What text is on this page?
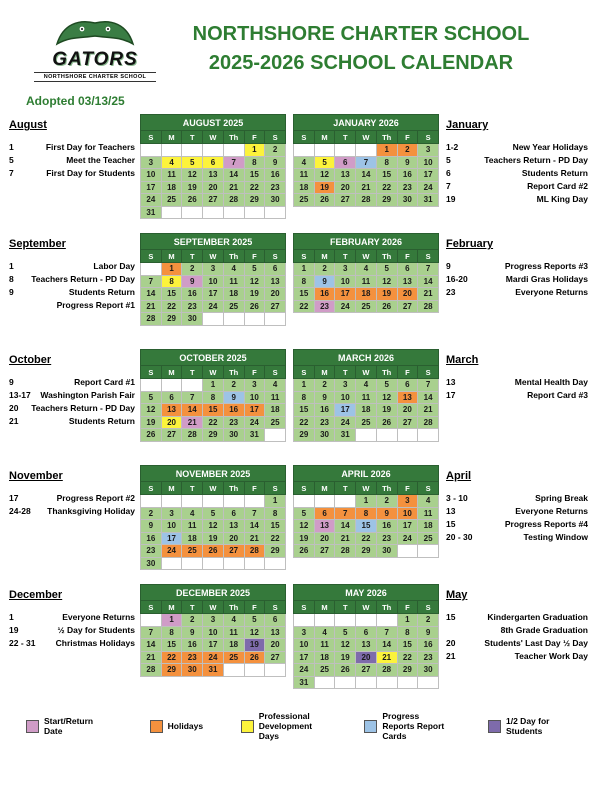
GATORS
NORTHSHORE CHARTER SCHOOL
NORTHSHORE CHARTER SCHOOL
2025-2026 SCHOOL CALENDAR
Adopted 03/13/25
August
1	First Day for Teachers
5	Meet the Teacher
7	First Day for Students
AUGUST 2025						
S	M	T	W	Th	F	S
					1	2
3	4	5	6	7	8	9
10	11	12	13	14	15	16
17	18	19	20	21	22	23
24	25	26	27	28	29	30
31						
JANUARY 2026						
S	M	T	W	Th	F	S
				1	2	3
4	5	6	7	8	9	10
11	12	13	14	15	16	17
18	19	20	21	22	23	24
25	26	27	28	29	30	31
January
1-2	New Year Holidays
5	Teachers Return - PD Day
6	Students Return
7	Report Card #2
19	ML King Day
September
1	Labor Day
8	Teachers Return - PD Day
9	Students Return
Progress Report #1
SEPTEMBER 2025						
S	M	T	W	Th	F	S
	1	2	3	4	5	6
7	8	9	10	11	12	13
14	15	16	17	18	19	20
21	22	23	24	25	26	27
28	29	30				
FEBRUARY 2026						
S	M	T	W	Th	F	S
1	2	3	4	5	6	7
8	9	10	11	12	13	14
15	16	17	18	19	20	21
22	23	24	25	26	27	28
February
9	Progress Reports #3
16-20	Mardi Gras Holidays
23	Everyone Returns
October
9	Report Card #1
13-17	Washington Parish Fair
20	Teachers Return - PD Day
21	Students Return
OCTOBER 2025						
S	M	T	W	Th	F	S
			1	2	3	4
5	6	7	8	9	10	11
12	13	14	15	16	17	18
19	20	21	22	23	24	25
26	27	28	29	30	31	
MARCH 2026						
S	M	T	W	Th	F	S
1	2	3	4	5	6	7
8	9	10	11	12	13	14
15	16	17	18	19	20	21
22	23	24	25	26	27	28
29	30	31				
March
13	Mental Health Day
17	Report Card #3
November
17	Progress Report #2
24-28	Thanksgiving Holiday
NOVEMBER 2025						
S	M	T	W	Th	F	S
						1
2	3	4	5	6	7	8
9	10	11	12	13	14	15
16	17	18	19	20	21	22
23	24	25	26	27	28	29
30						
APRIL 2026						
S	M	T	W	Th	F	S
			1	2	3	4
5	6	7	8	9	10	11
12	13	14	15	16	17	18
19	20	21	22	23	24	25
26	27	28	29	30		
April
3 - 10	Spring Break
13	Everyone Returns
15	Progress Reports #4
20 - 30	Testing Window
December
1	Everyone Returns
19	½ Day for Students
22 - 31	Christmas Holidays
DECEMBER 2025						
S	M	T	W	Th	F	S
	1	2	3	4	5	6
7	8	9	10	11	12	13
14	15	16	17	18	19	20
21	22	23	24	25	26	27
28	29	30	31			
MAY 2026						
S	M	T	W	Th	F	S
					1	2
3	4	5	6	7	8	9
10	11	12	13	14	15	16
17	18	19	20	21	22	23
24	25	26	27	28	29	30
31						
May
15	Kindergarten Graduation
8th Grade Graduation
20	Students' Last Day ½ Day
21	Teacher Work Day
Start/Return Date
Holidays
Professional Development Days
Progress Reports Report Cards
1/2 Day for Students
